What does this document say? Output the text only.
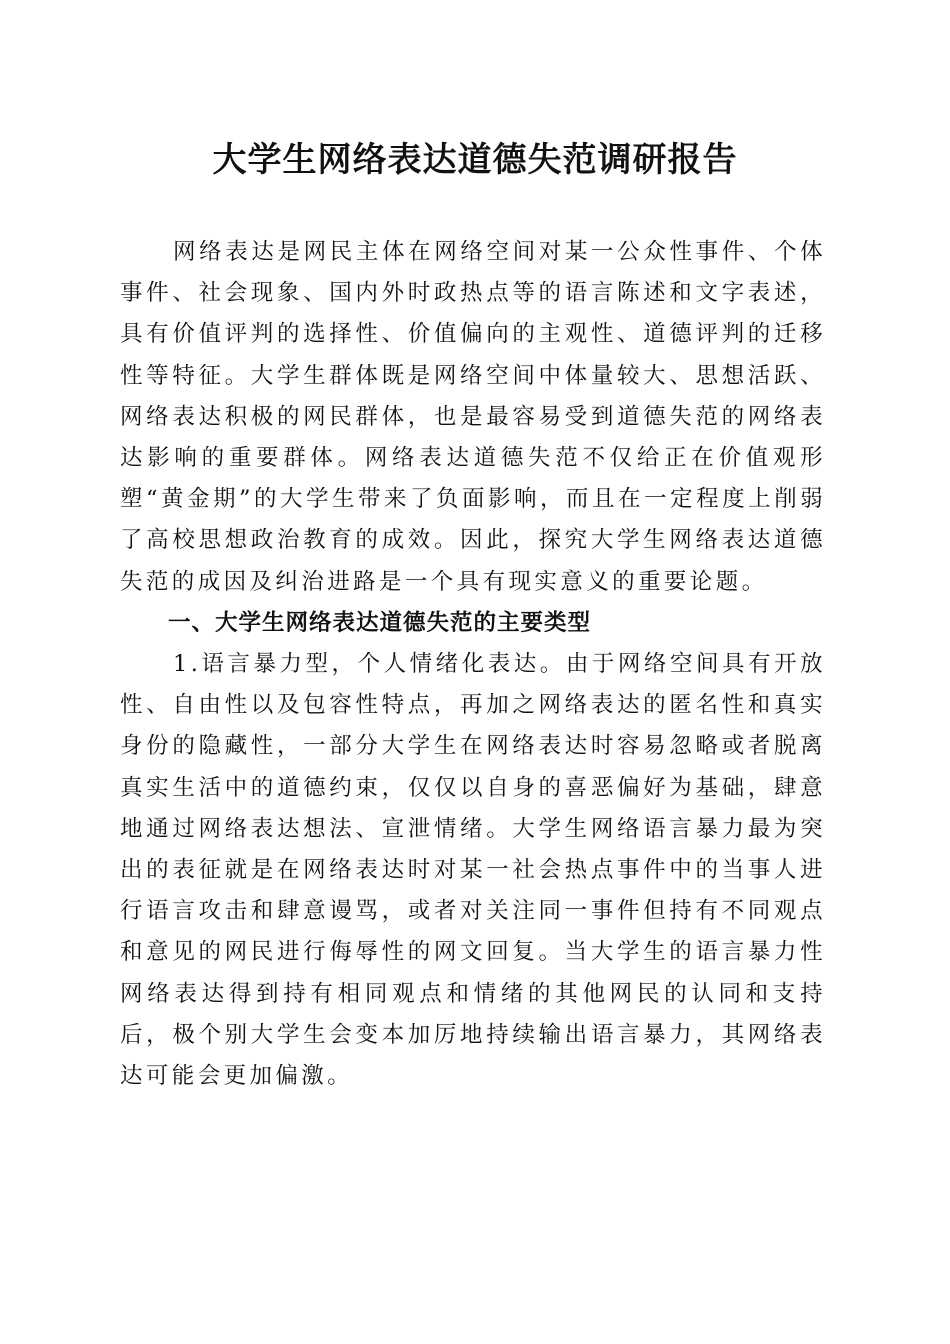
大学生网络表达道德失范调研报告

网络表达是网民主体在网络空间对某一公众性事件、个体事件、社会现象、国内外时政热点等的语言陈述和文字表述，具有价值评判的选择性、价值偏向的主观性、道德评判的迁移性等特征。大学生群体既是网络空间中体量较大、思想活跃、网络表达积极的网民群体，也是最容易受到道德失范的网络表达影响的重要群体。网络表达道德失范不仅给正在价值观形塑“黄金期”的大学生带来了负面影响，而且在一定程度上削弱了高校思想政治教育的成效。因此，探究大学生网络表达道德失范的成因及纠治进路是一个具有现实意义的重要论题。

一、大学生网络表达道德失范的主要类型

1.语言暴力型，个人情绪化表达。由于网络空间具有开放性、自由性以及包容性特点，再加之网络表达的匿名性和真实身份的隐藏性，一部分大学生在网络表达时容易忽略或者脱离真实生活中的道德约束，仅仅以自身的喜恶偏好为基础，肆意地通过网络表达想法、宣泄情绪。大学生网络语言暴力最为突出的表征就是在网络表达时对某一社会热点事件中的当事人进行语言攻击和肆意谩骂，或者对关注同一事件但持有不同观点和意见的网民进行侮辱性的网文回复。当大学生的语言暴力性网络表达得到持有相同观点和情绪的其他网民的认同和支持后，极个别大学生会变本加厉地持续输出语言暴力，其网络表达可能会更加偏激。
